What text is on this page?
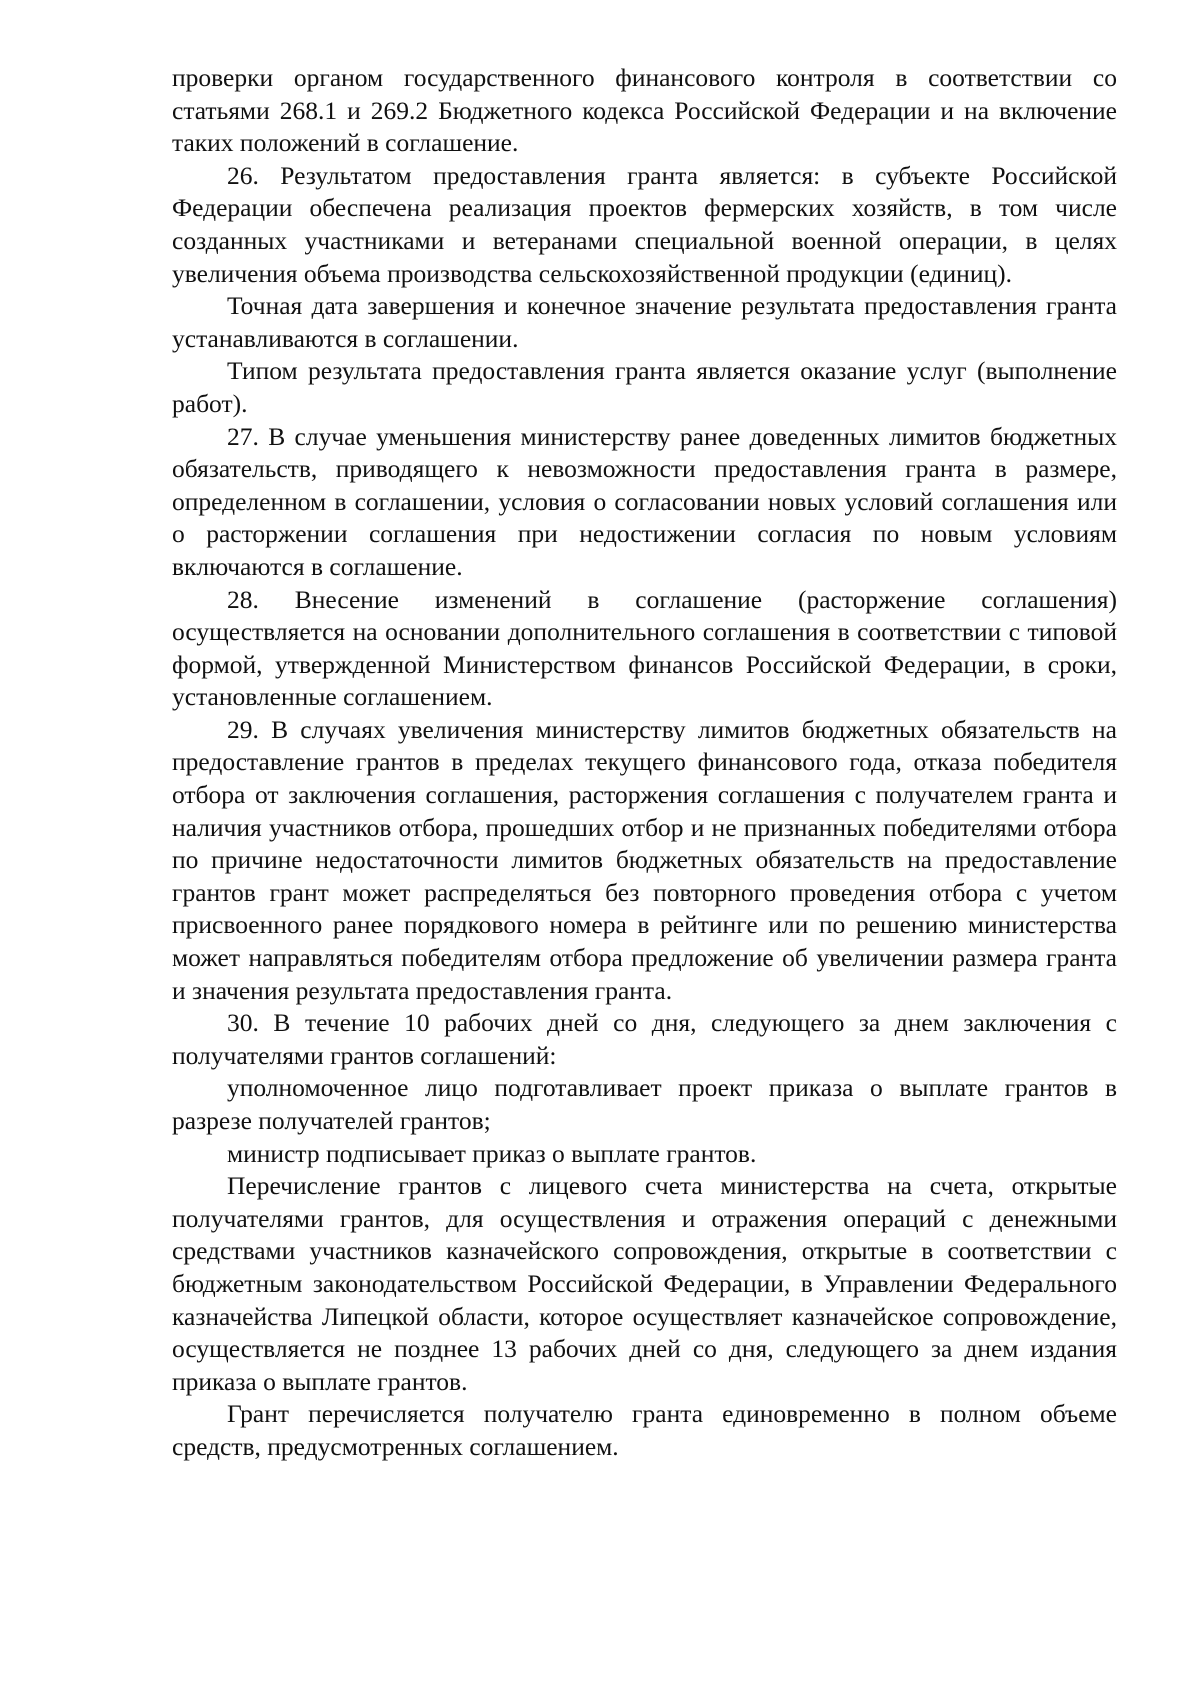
проверки органом государственного финансового контроля в соответствии со статьями 268.1 и 269.2 Бюджетного кодекса Российской Федерации и на включение таких положений в соглашение.

26. Результатом предоставления гранта является: в субъекте Российской Федерации обеспечена реализация проектов фермерских хозяйств, в том числе созданных участниками и ветеранами специальной военной операции, в целях увеличения объема производства сельскохозяйственной продукции (единиц).

Точная дата завершения и конечное значение результата предоставления гранта устанавливаются в соглашении.

Типом результата предоставления гранта является оказание услуг (выполнение работ).

27. В случае уменьшения министерству ранее доведенных лимитов бюджетных обязательств, приводящего к невозможности предоставления гранта в размере, определенном в соглашении, условия о согласовании новых условий соглашения или о расторжении соглашения при недостижении согласия по новым условиям включаются в соглашение.

28. Внесение изменений в соглашение (расторжение соглашения) осуществляется на основании дополнительного соглашения в соответствии с типовой формой, утвержденной Министерством финансов Российской Федерации, в сроки, установленные соглашением.

29. В случаях увеличения министерству лимитов бюджетных обязательств на предоставление грантов в пределах текущего финансового года, отказа победителя отбора от заключения соглашения, расторжения соглашения с получателем гранта и наличия участников отбора, прошедших отбор и не признанных победителями отбора по причине недостаточности лимитов бюджетных обязательств на предоставление грантов грант может распределяться без повторного проведения отбора с учетом присвоенного ранее порядкового номера в рейтинге или по решению министерства может направляться победителям отбора предложение об увеличении размера гранта и значения результата предоставления гранта.

30. В течение 10 рабочих дней со дня, следующего за днем заключения с получателями грантов соглашений:

уполномоченное лицо подготавливает проект приказа о выплате грантов в разрезе получателей грантов;

министр подписывает приказ о выплате грантов.

Перечисление грантов с лицевого счета министерства на счета, открытые получателями грантов, для осуществления и отражения операций с денежными средствами участников казначейского сопровождения, открытые в соответствии с бюджетным законодательством Российской Федерации, в Управлении Федерального казначейства Липецкой области, которое осуществляет казначейское сопровождение, осуществляется не позднее 13 рабочих дней со дня, следующего за днем издания приказа о выплате грантов.

Грант перечисляется получателю гранта единовременно в полном объеме средств, предусмотренных соглашением.
